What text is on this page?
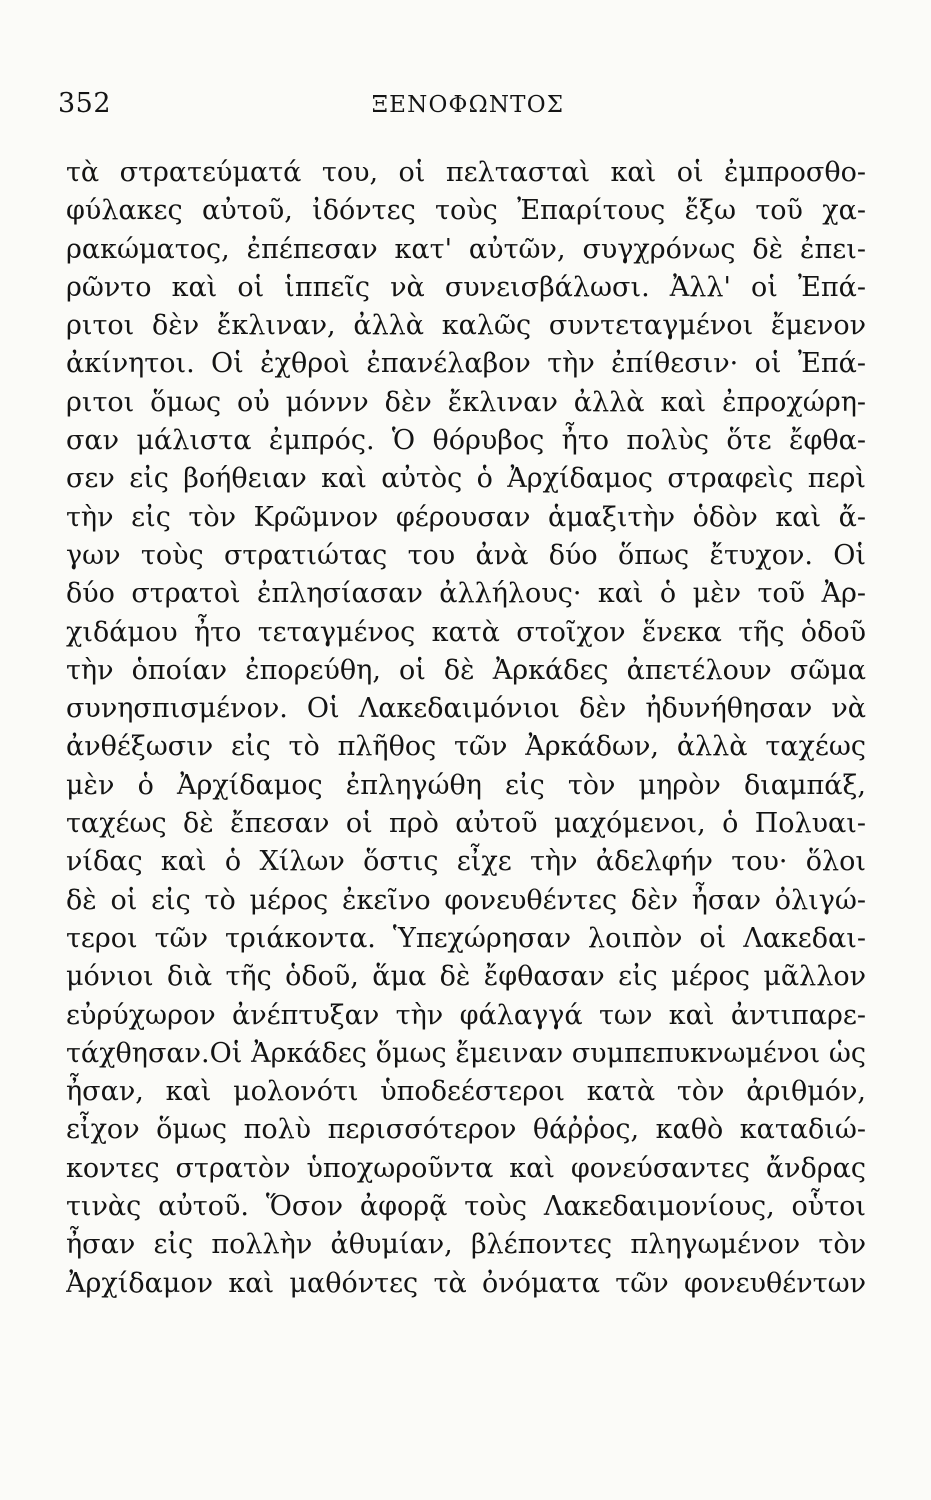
352	ΞΕΝΟΦΩΝΤΟΣ
τὰ στρατεύματά του, οἱ πελτασταὶ καὶ οἱ ἐμπροσθο-
φύλακες αὐτοῦ, ἰδόντες τοὺς Ἐπαρίτους ἔξω τοῦ χα-
ρακώματος, ἐπέπεσαν κατ' αὐτῶν, συγχρόνως δὲ ἐπει-
ρῶντο καὶ οἱ ἱππεῖς νὰ συνεισβάλωσι. Ἀλλ' οἱ Ἐπά-
ριτοι δὲν ἔκλιναν, ἀλλὰ καλῶς συντεταγμένοι ἔμενον
ἀκίνητοι. Οἱ ἐχθροὶ ἐπανέλαβον τὴν ἐπίθεσιν· οἱ Ἐπά-
ριτοι ὅμως οὐ μόννν δὲν ἔκλιναν ἀλλὰ καὶ ἐπροχώρη-
σαν μάλιστα ἐμπρός. Ὁ θόρυβος ἦτο πολὺς ὅτε ἔφθα-
σεν εἰς βοήθειαν καὶ αὐτὸς ὁ Ἀρχίδαμος στραφεὶς περὶ
τὴν εἰς τὸν Κρῶμνον φέρουσαν ἁμαξιτὴν ὁδὸν καὶ ἄ-
γων τοὺς στρατιώτας του ἀνὰ δύο ὅπως ἔτυχον. Οἱ
δύο στρατοὶ ἐπλησίασαν ἀλλήλους· καὶ ὁ μὲν τοῦ Ἀρ-
χιδάμου ἦτο τεταγμένος κατὰ στοῖχον ἕνεκα τῆς ὁδοῦ
τὴν ὁποίαν ἐπορεύθη, οἱ δὲ Ἀρκάδες ἀπετέλουν σῶμα
συνησπισμένον. Οἱ Λακεδαιμόνιοι δὲν ἠδυνήθησαν νὰ
ἀνθέξωσιν εἰς τὸ πλῆθος τῶν Ἀρκάδων, ἀλλὰ ταχέως
μὲν ὁ Ἀρχίδαμος ἐπληγώθη εἰς τὸν μηρὸν διαμπάξ,
ταχέως δὲ ἔπεσαν οἱ πρὸ αὐτοῦ μαχόμενοι, ὁ Πολυαι-
νίδας καὶ ὁ Χίλων ὅστις εἶχε τὴν ἀδελφήν του· ὅλοι
δὲ οἱ εἰς τὸ μέρος ἐκεῖνο φονευθέντες δὲν ἦσαν ὀλιγώ-
τεροι τῶν τριάκοντα. Ὑπεχώρησαν λοιπὸν οἱ Λακεδαι-
μόνιοι διὰ τῆς ὁδοῦ, ἅμα δὲ ἔφθασαν εἰς μέρος μᾶλλον
εὐρύχωρον ἀνέπτυξαν τὴν φάλαγγά των καὶ ἀντιπαρε-
τάχθησαν.Οἱ Ἀρκάδες ὅμως ἔμειναν συμπεπυκνωμένοι ὡς
ἦσαν, καὶ μολονότι ὑποδεέστεροι κατὰ τὸν ἀριθμόν,
εἶχον ὅμως πολὺ περισσότερον θάῤῥος, καθὸ καταδιώ-
κοντες στρατὸν ὑποχωροῦντα καὶ φονεύσαντες ἄνδρας
τινὰς αὐτοῦ. Ὅσον ἀφορᾷ τοὺς Λακεδαιμονίους, οὗτοι
ἦσαν εἰς πολλὴν ἀθυμίαν, βλέποντες πληγωμένον τὸν
Ἀρχίδαμον καὶ μαθόντες τὰ ὀνόματα τῶν φονευθέντων
